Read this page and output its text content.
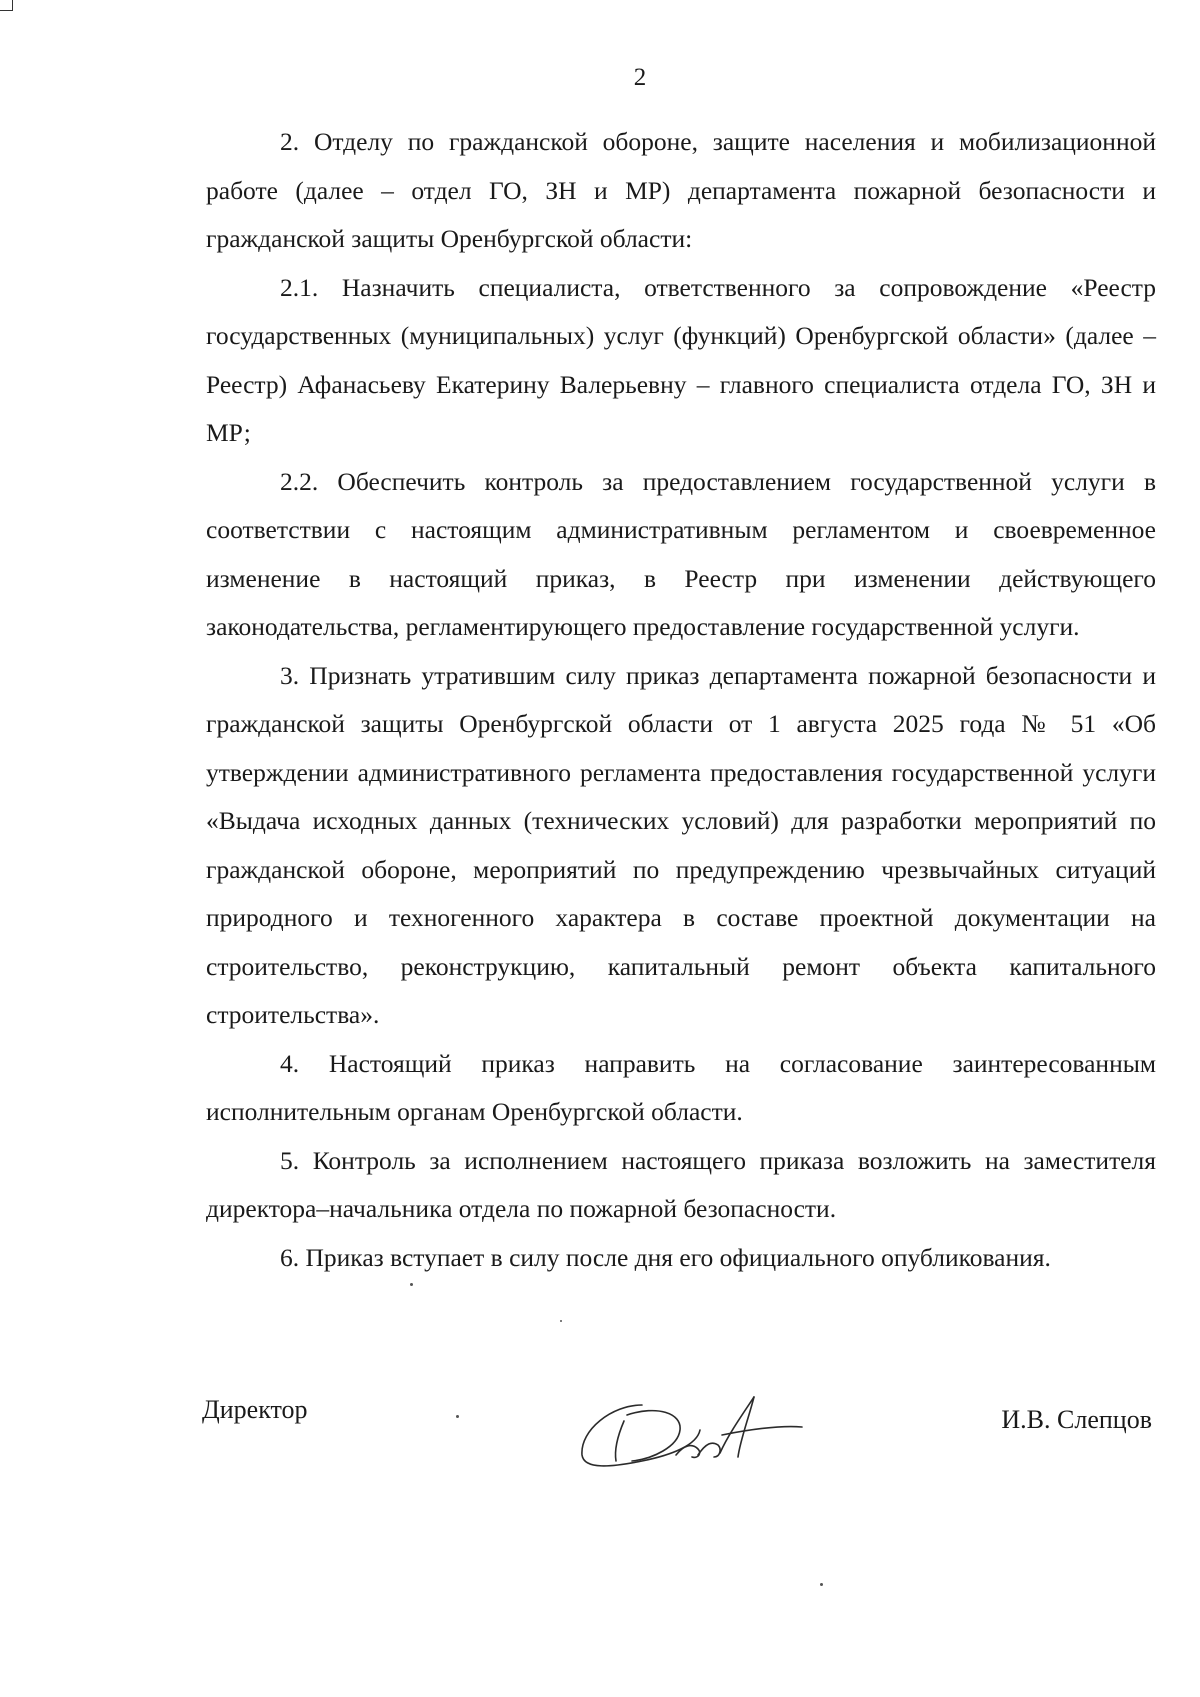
2

2. Отделу по гражданской обороне, защите населения и мобилизационной работе (далее – отдел ГО, ЗН и МР) департамента пожарной безопасности и гражданской защиты Оренбургской области:

2.1. Назначить специалиста, ответственного за сопровождение «Реестр государственных (муниципальных) услуг (функций) Оренбургской области» (далее – Реестр) Афанасьеву Екатерину Валерьевну – главного специалиста отдела ГО, ЗН и МР;

2.2. Обеспечить контроль за предоставлением государственной услуги в соответствии с настоящим административным регламентом и своевременное изменение в настоящий приказ, в Реестр при изменении действующего законодательства, регламентирующего предоставление государственной услуги.

3. Признать утратившим силу приказ департамента пожарной безопасности и гражданской защиты Оренбургской области от 1 августа 2025 года № 51 «Об утверждении административного регламента предоставления государственной услуги «Выдача исходных данных (технических условий) для разработки мероприятий по гражданской обороне, мероприятий по предупреждению чрезвычайных ситуаций природного и техногенного характера в составе проектной документации на строительство, реконструкцию, капитальный ремонт объекта капитального строительства».

4. Настоящий приказ направить на согласование заинтересованным исполнительным органам Оренбургской области.

5. Контроль за исполнением настоящего приказа возложить на заместителя директора–начальника отдела по пожарной безопасности.

6. Приказ вступает в силу после дня его официального опубликования.

Директор	И.В. Слепцов
